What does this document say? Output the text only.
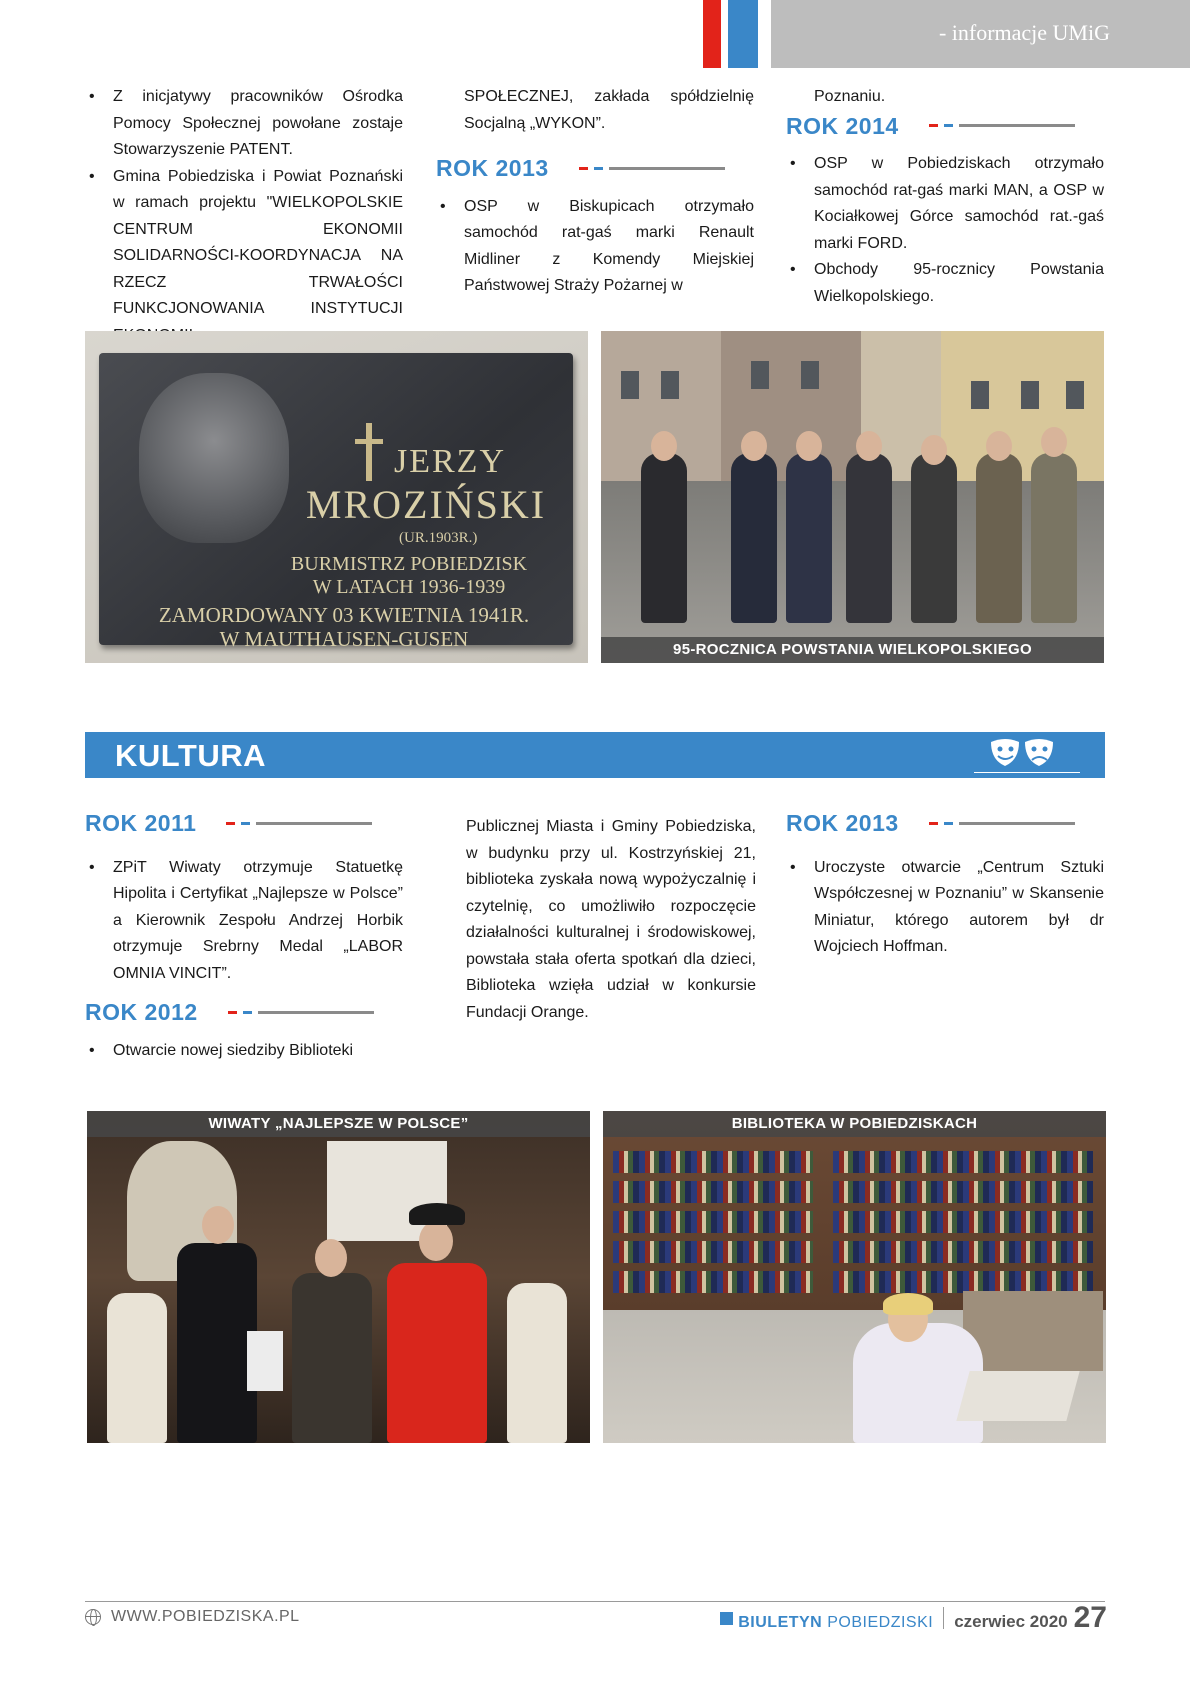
- informacje UMiG
• Z inicjatywy pracowników Ośrodka Pomocy Społecznej powołane zostaje Stowarzyszenie PATENT.
• Gmina Pobiedziska i Powiat Poznański w ramach projektu "WIELKOPOLSKIE CENTRUM EKONOMII SOLIDARNOŚCI-KOORDYNACJA NA RZECZ TRWAŁOŚCI FUNKCJONOWANIA INSTYTUCJI

SPOŁECZNEJ, zakłada spółdzielnię Socjalną „WYKON”.

ROK 2013
• OSP w Biskupicach otrzymało samochód rat-gaś marki Renault Midliner z Komendy Miejskiej Państwowej Straży Pożarnej w

Poznaniu.

ROK 2014
• OSP w Pobiedziskach otrzymało samochód rat-gaś marki MAN, a OSP w Kociałkowej Górce samochód rat.-gaś marki FORD.
• Obchody 95-rocznicy Powstania Wielkopolskiego.
JERZY
MROZIŃSKI
(UR.1903R.)
BURMISTRZ POBIEDZISK
W LATACH 1936-1939
ZAMORDOWANY 03 KWIETNIA 1941R.
W MAUTHAUSEN-GUSEN	95-ROCZNICA POWSTANIA WIELKOPOLSKIEGO
KULTURA
ROK 2011
• ZPiT Wiwaty otrzymuje Statuetkę Hipolita i Certyfikat „Najlepsze w Polsce” a Kierownik Zespołu Andrzej Horbik otrzymuje Srebrny Medal „LABOR OMNIA VINCIT”.
ROK 2012
• Otwarcie nowej siedziby Biblioteki

Publicznej Miasta i Gminy Pobiedziska, w budynku przy ul. Kostrzyńskiej 21, biblioteka zyskała nową wypożyczalnię i czytelnię, co umożliwiło rozpoczęcie działalności kulturalnej i środowiskowej, powstała stała oferta spotkań dla dzieci, Biblioteka wzięła udział w konkursie Fundacji Orange.

ROK 2013
• Uroczyste otwarcie „Centrum Sztuki Współczesnej w Poznaniu” w Skansenie Miniatur, którego autorem był dr Wojciech Hoffman.
WIWATY „NAJLEPSZE W POLSCE”	BIBLIOTEKA W POBIEDZISKACH
WWW.POBIEDZISKA.PL	BIULETYN POBIEDZISKI czerwiec 2020 27
